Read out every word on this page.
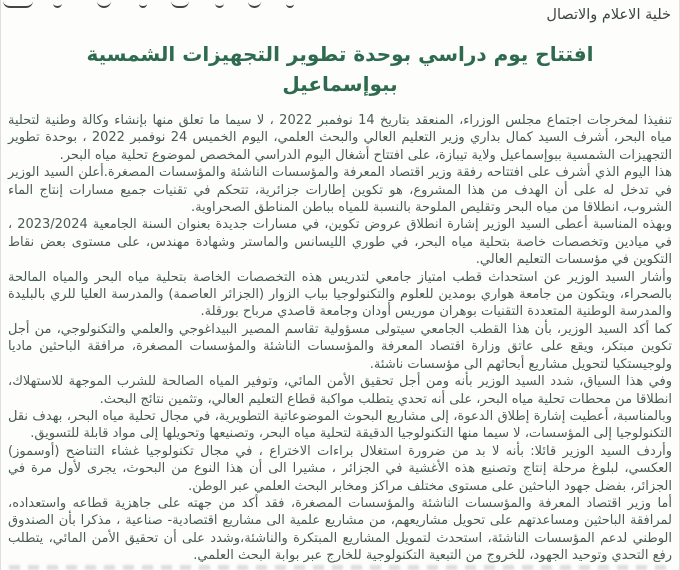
خلية الاعلام والاتصال
افتتاح يوم دراسي بوحدة تطوير التجهيزات الشمسية ببوإسماعيل

تنفيذا لمخرجات اجتماع مجلس الوزراء، المنعقد بتاريخ 14 نوفمبر 2022 ، لا سيما ما تعلق منها بإنشاء وكالة وطنية لتحلية مياه البحر، أشرف السيد كمال بداري وزير التعليم العالي والبحث العلمي، اليوم الخميس 24 نوفمبر 2022 ، بوحدة تطوير التجهيزات الشمسية ببوإسماعيل ولاية تيبازة، على افتتاح أشغال اليوم الدراسي المخصص لموضوع تحلية مياه البحر.

هذا اليوم الذي أشرف على افتتاحه رفقة وزير اقتصاد المعرفة والمؤسسات الناشئة والمؤسسات المصغرة.أعلن السيد الوزير في تدخل له على أن الهدف من هذا المشروع، هو تكوين إطارات جزائرية، تتحكم في تقنيات جميع مسارات إنتاج الماء الشروب، انطلاقا من مياه البحر وتقليص الملوحة بالنسبة للمياه بباطن المناطق الصحراوية.

وبهذه المناسبة أعطى السيد الوزير إشارة انطلاق عروض تكوين، في مسارات جديدة بعنوان السنة الجامعية 2023/2024 ، في ميادين وتخصصات خاصة بتحلية مياه البحر، في طوري الليسانس والماستر وشهادة مهندس، على مستوى بعض نقاط التكوين في مؤسسات التعليم العالي.

وأشار السيد الوزير عن استحداث قطب امتياز جامعي لتدريس هذه التخصصات الخاصة بتحلية مياه البحر والمياه المالحة بالصحراء، ويتكون من جامعة هواري بومدين للعلوم والتكنولوجيا بباب الزوار (الجزائر العاصمة) والمدرسة العليا للري بالبليدة والمدرسة الوطنية المتعددة التقنيات بوهران موريس أودان وجامعة قاصدي مرباح بورقلة.

كما أكد السيد الوزير، بأن هذا القطب الجامعي سيتولى مسؤولية تقاسم المصير البيداغوجي والعلمي والتكنولوجي، من أجل تكوين مبتكر، ويقع على عاتق وزارة اقتصاد المعرفة والمؤسسات الناشئة والمؤسسات المصغرة، مرافقة الباحثين ماديا ولوجيستكيا لتحويل مشاريع أبحاثهم الى مؤسسات ناشئة.

وفي هذا السياق، شدد السيد الوزير بأنه ومن أجل تحقيق الأمن المائي، وتوفير المياه الصالحة للشرب الموجهة للاستهلاك، انطلاقا من محطات تحلية مياه البحر، على أنه تحدي يتطلب مواكبة قطاع التعليم العالي، وتثمين نتائج البحث.

وبالمناسبة، أعطيت إشارة إطلاق الدعوة، إلى مشاريع البحوث الموضوعاتية التطويرية، في مجال تحلية مياه البحر، بهدف نقل التكنولوجيا إلى المؤسسات، لا سيما منها التكنولوجيا الدقيقة لتحلية مياه البحر، وتصنيعها وتحويلها إلى مواد قابلة للتسويق.

وأردف السيد الوزير قائلا: بأنه لا بد من ضرورة استغلال براءات الاختراع ، في مجال تكنولوجيا غشاء التناضح (أوسموز) العكسي، لبلوغ مرحلة إنتاج وتصنيع هذه الأغشية في الجزائر ، مشيرا الى أن هذا النوع من البحوث، يجرى لأول مرة في الجزائر، بفضل جهود الباحثين على مستوى مختلف مراكز ومخابر البحث العلمي عبر الوطن.

أما وزير اقتصاد المعرفة والمؤسسات الناشئة والمؤسسات المصغرة، فقد أكد من جهته على جاهزية قطاعه واستعداده، لمرافقة الباحثين ومساعدتهم على تحويل مشاريعهم، من مشاريع علمية الى مشاريع اقتصادية- صناعية ، مذكرا بأن الصندوق الوطني لدعم المؤسسات الناشئة، استحدث لتمويل المشاريع المبتكرة والناشئة،وشدد على أن تحقيق الأمن المائي، يتطلب رفع التحدي وتوحيد الجهود، للخروج من التبعية التكنولوجية للخارج عبر بوابة البحث العلمي.
